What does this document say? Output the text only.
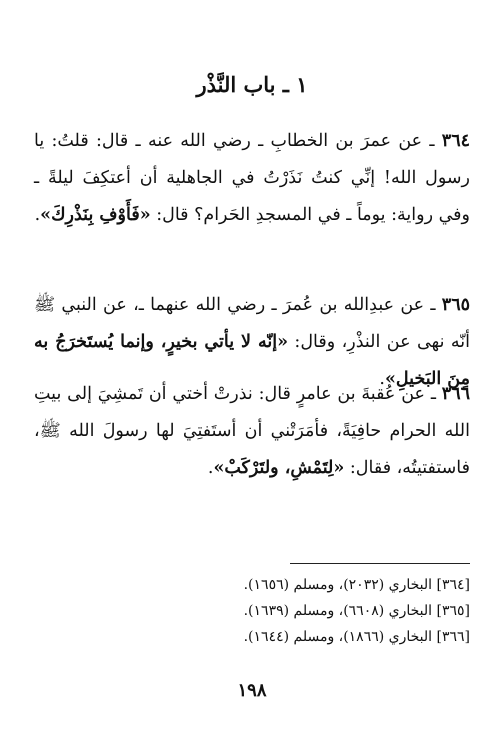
١ ـ باب النَّذْر
٣٦٤ ـ عن عمرَ بن الخطابِ ـ رضي الله عنه ـ قال: قلتُ: يا رسول الله! إنِّي كنتُ نَذَرْتُ في الجاهلية أن أعتكِفَ ليلةً ـ وفي رواية: يوماً ـ في المسجدِ الحَرام؟ قال: «فَأَوْفِ بِنَذْرِكَ».
٣٦٥ ـ عن عبدِالله بن عُمرَ ـ رضي الله عنهما ـ، عن النبي ﷺ أنّه نهى عن النذْرِ، وقال: «إنّه لا يأتي بخيرٍ، وإنما يُستَخرَجُ به مِنَ البَخيلِ».
٣٦٦ ـ عن عُقبةَ بن عامرٍ قال: نذرتْ أختي أن تَمشِيَ إلى بيتِ الله الحرام حافِيَةً، فأمَرَتْني أن أستَفتِيَ لها رسولَ الله ﷺ، فاستفتيتُه، فقال: «لِتَمْشِ، ولتَرْكَبْ».
[٣٦٤] البخاري (٢٠٣٢)، ومسلم (١٦٥٦).
[٣٦٥] البخاري (٦٦٠٨)، ومسلم (١٦٣٩).
[٣٦٦] البخاري (١٨٦٦)، ومسلم (١٦٤٤).
١٩٨
